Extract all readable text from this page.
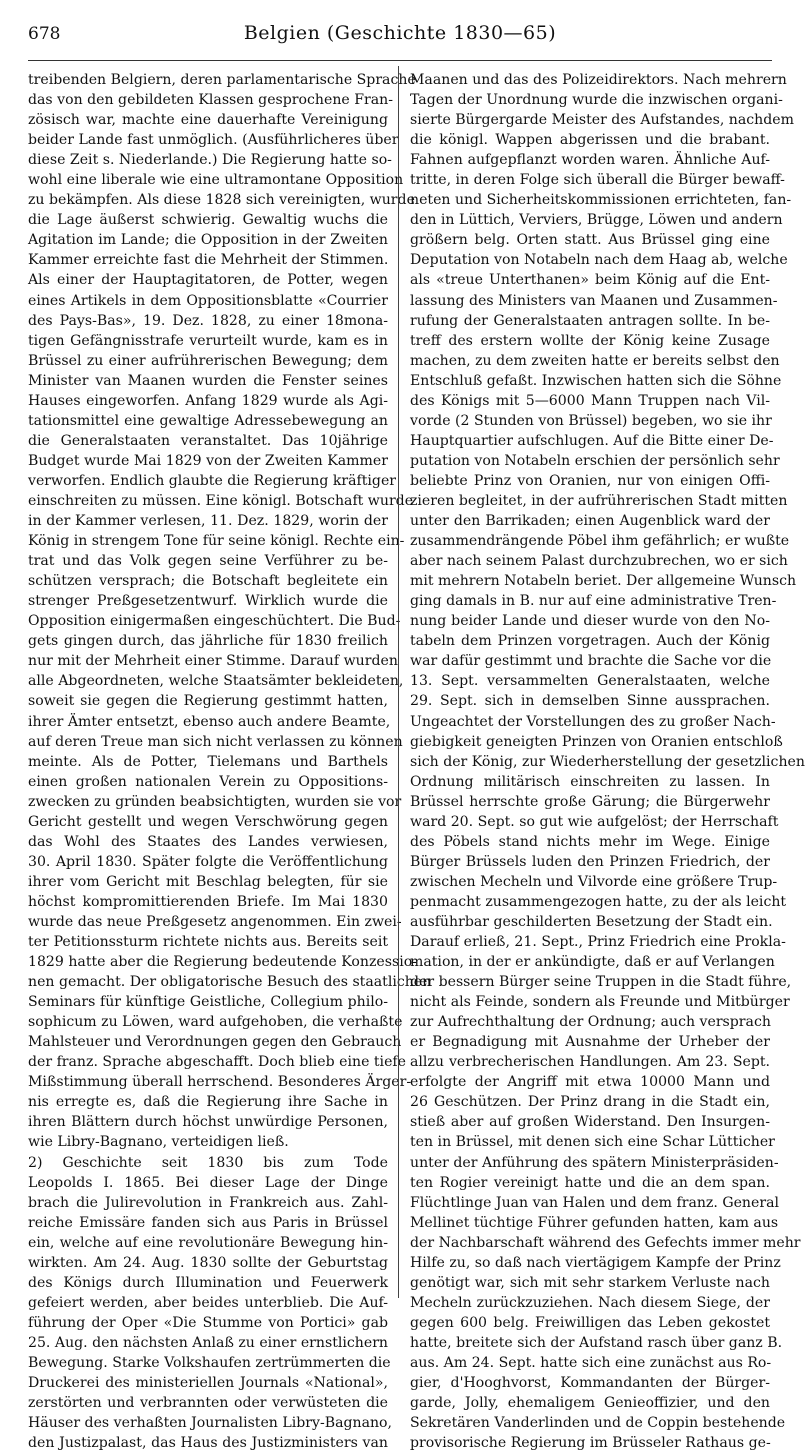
678	Belgien (Geschichte 1830—65)
treibenden Belgiern, deren parlamentarische Sprache
das von den gebildeten Klassen gesprochene Fran-
zösisch war, machte eine dauerhafte Vereinigung
beider Lande fast unmöglich. (Ausführlicheres über
diese Zeit s. Niederlande.) Die Regierung hatte so-
wohl eine liberale wie eine ultramontane Opposition
zu bekämpfen. Als diese 1828 sich vereinigten, wurde
die Lage äußerst schwierig. Gewaltig wuchs die
Agitation im Lande; die Opposition in der Zweiten
Kammer erreichte fast die Mehrheit der Stimmen.
Als einer der Hauptagitatoren, de Potter, wegen
eines Artikels in dem Oppositionsblatte «Courrier
des Pays-Bas», 19. Dez. 1828, zu einer 18mona-
tigen Gefängnisstrafe verurteilt wurde, kam es in
Brüssel zu einer aufrührerischen Bewegung; dem
Minister van Maanen wurden die Fenster seines
Hauses eingeworfen. Anfang 1829 wurde als Agi-
tationsmittel eine gewaltige Adressebewegung an
die Generalstaaten veranstaltet. Das 10jährige
Budget wurde Mai 1829 von der Zweiten Kammer
verworfen. Endlich glaubte die Regierung kräftiger
einschreiten zu müssen. Eine königl. Botschaft wurde
in der Kammer verlesen, 11. Dez. 1829, worin der
König in strengem Tone für seine königl. Rechte ein-
trat und das Volk gegen seine Verführer zu be-
schützen versprach; die Botschaft begleitete ein
strenger Preßgesetzentwurf. Wirklich wurde die
Opposition einigermaßen eingeschüchtert. Die Bud-
gets gingen durch, das jährliche für 1830 freilich
nur mit der Mehrheit einer Stimme. Darauf wurden
alle Abgeordneten, welche Staatsämter bekleideten,
soweit sie gegen die Regierung gestimmt hatten,
ihrer Ämter entsetzt, ebenso auch andere Beamte,
auf deren Treue man sich nicht verlassen zu können
meinte. Als de Potter, Tielemans und Barthels
einen großen nationalen Verein zu Oppositions-
zwecken zu gründen beabsichtigten, wurden sie vor
Gericht gestellt und wegen Verschwörung gegen
das Wohl des Staates des Landes verwiesen,
30. April 1830. Später folgte die Veröffentlichung
ihrer vom Gericht mit Beschlag belegten, für sie
höchst kompromittierenden Briefe. Im Mai 1830
wurde das neue Preßgesetz angenommen. Ein zwei-
ter Petitionssturm richtete nichts aus. Bereits seit
1829 hatte aber die Regierung bedeutende Konzessio-
nen gemacht. Der obligatorische Besuch des staatlichen
Seminars für künftige Geistliche, Collegium philo-
sophicum zu Löwen, ward aufgehoben, die verhaßte
Mahlsteuer und Verordnungen gegen den Gebrauch
der franz. Sprache abgeschafft. Doch blieb eine tiefe
Mißstimmung überall herrschend. Besonderes Ärger-
nis erregte es, daß die Regierung ihre Sache in
ihren Blättern durch höchst unwürdige Personen,
wie Libry-Bagnano, verteidigen ließ.
2) Geschichte seit 1830 bis zum Tode
Leopolds I. 1865. Bei dieser Lage der Dinge
brach die Julirevolution in Frankreich aus. Zahl-
reiche Emissäre fanden sich aus Paris in Brüssel
ein, welche auf eine revolutionäre Bewegung hin-
wirkten. Am 24. Aug. 1830 sollte der Geburtstag
des Königs durch Illumination und Feuerwerk
gefeiert werden, aber beides unterblieb. Die Auf-
führung der Oper «Die Stumme von Portici» gab
25. Aug. den nächsten Anlaß zu einer ernstlichern
Bewegung. Starke Volkshaufen zertrümmerten die
Druckerei des ministeriellen Journals «National»,
zerstörten und verbrannten oder verwüsteten die
Häuser des verhaßten Journalisten Libry-Bagnano,
den Justizpalast, das Haus des Justizministers van
Maanen und das des Polizeidirektors. Nach mehrern
Tagen der Unordnung wurde die inzwischen organi-
sierte Bürgergarde Meister des Aufstandes, nachdem
die königl. Wappen abgerissen und die brabant.
Fahnen aufgepflanzt worden waren. Ähnliche Auf-
tritte, in deren Folge sich überall die Bürger bewaff-
neten und Sicherheitskommissionen errichteten, fan-
den in Lüttich, Verviers, Brügge, Löwen und andern
größern belg. Orten statt. Aus Brüssel ging eine
Deputation von Notabeln nach dem Haag ab, welche
als «treue Unterthanen» beim König auf die Ent-
lassung des Ministers van Maanen und Zusammen-
rufung der Generalstaaten antragen sollte. In be-
treff des erstern wollte der König keine Zusage
machen, zu dem zweiten hatte er bereits selbst den
Entschluß gefaßt. Inzwischen hatten sich die Söhne
des Königs mit 5—6000 Mann Truppen nach Vil-
vorde (2 Stunden von Brüssel) begeben, wo sie ihr
Hauptquartier aufschlugen. Auf die Bitte einer De-
putation von Notabeln erschien der persönlich sehr
beliebte Prinz von Oranien, nur von einigen Offi-
zieren begleitet, in der aufrührerischen Stadt mitten
unter den Barrikaden; einen Augenblick ward der
zusammendrängende Pöbel ihm gefährlich; er wußte
aber nach seinem Palast durchzubrechen, wo er sich
mit mehrern Notabeln beriet. Der allgemeine Wunsch
ging damals in B. nur auf eine administrative Tren-
nung beider Lande und dieser wurde von den No-
tabeln dem Prinzen vorgetragen. Auch der König
war dafür gestimmt und brachte die Sache vor die
13. Sept. versammelten Generalstaaten, welche
29. Sept. sich in demselben Sinne aussprachen.
Ungeachtet der Vorstellungen des zu großer Nach-
giebigkeit geneigten Prinzen von Oranien entschloß
sich der König, zur Wiederherstellung der gesetzlichen
Ordnung militärisch einschreiten zu lassen. In
Brüssel herrschte große Gärung; die Bürgerwehr
ward 20. Sept. so gut wie aufgelöst; der Herrschaft
des Pöbels stand nichts mehr im Wege. Einige
Bürger Brüssels luden den Prinzen Friedrich, der
zwischen Mecheln und Vilvorde eine größere Trup-
penmacht zusammengezogen hatte, zu der als leicht
ausführbar geschilderten Besetzung der Stadt ein.
Darauf erließ, 21. Sept., Prinz Friedrich eine Prokla-
mation, in der er ankündigte, daß er auf Verlangen
der bessern Bürger seine Truppen in die Stadt führe,
nicht als Feinde, sondern als Freunde und Mitbürger
zur Aufrechthaltung der Ordnung; auch versprach
er Begnadigung mit Ausnahme der Urheber der
allzu verbrecherischen Handlungen. Am 23. Sept.
erfolgte der Angriff mit etwa 10000 Mann und
26 Geschützen. Der Prinz drang in die Stadt ein,
stieß aber auf großen Widerstand. Den Insurgen-
ten in Brüssel, mit denen sich eine Schar Lütticher
unter der Anführung des spätern Ministerpräsiden-
ten Rogier vereinigt hatte und die an dem span.
Flüchtlinge Juan van Halen und dem franz. General
Mellinet tüchtige Führer gefunden hatten, kam aus
der Nachbarschaft während des Gefechts immer mehr
Hilfe zu, so daß nach viertägigem Kampfe der Prinz
genötigt war, sich mit sehr starkem Verluste nach
Mecheln zurückzuziehen. Nach diesem Siege, der
gegen 600 belg. Freiwilligen das Leben gekostet
hatte, breitete sich der Aufstand rasch über ganz B.
aus. Am 24. Sept. hatte sich eine zunächst aus Ro-
gier, d'Hooghvorst, Kommandanten der Bürger-
garde, Jolly, ehemaligem Genieoffizier, und den
Sekretären Vanderlinden und de Coppin bestehende
provisorische Regierung im Brüsseler Rathaus ge-
